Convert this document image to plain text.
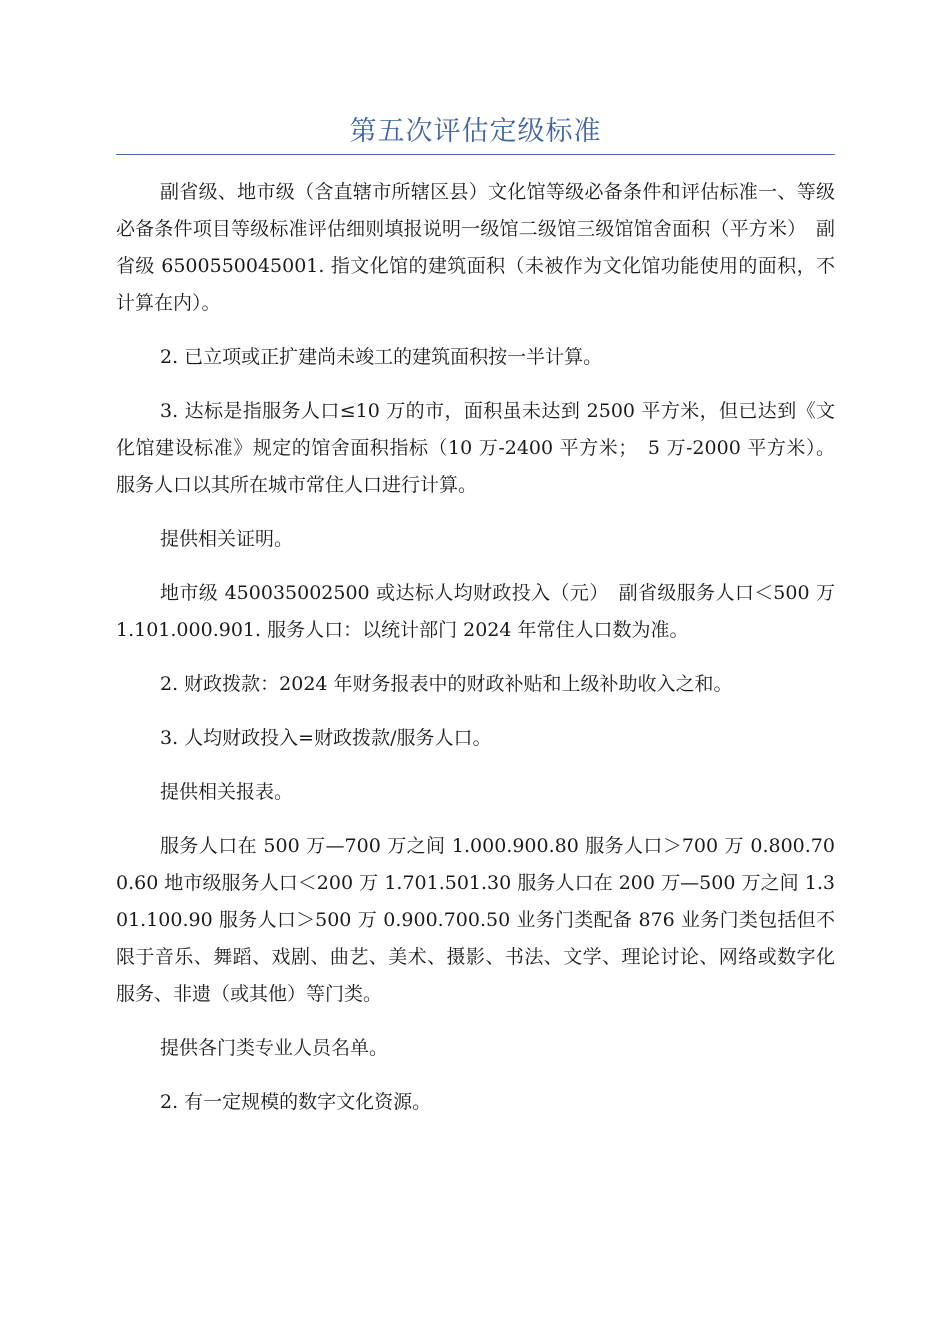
第五次评估定级标准

副省级、地市级（含直辖市所辖区县）文化馆等级必备条件和评估标准一、等级必备条件项目等级标准评估细则填报说明一级馆二级馆三级馆馆舍面积（平方米）　副省级 6500550045001. 指文化馆的建筑面积（未被作为文化馆功能使用的面积，不计算在内）。

2. 已立项或正扩建尚未竣工的建筑面积按一半计算。

3. 达标是指服务人口≤10 万的市，面积虽未达到 2500 平方米，但已达到《文化馆建设标准》规定的馆舍面积指标（10 万-2400 平方米；　5 万-2000 平方米）。服务人口以其所在城市常住人口进行计算。

提供相关证明。

地市级 450035002500 或达标人均财政投入（元）　副省级服务人口＜500 万 1.101.000.901. 服务人口：以统计部门 2024 年常住人口数为准。

2. 财政拨款：2024 年财务报表中的财政补贴和上级补助收入之和。

3. 人均财政投入=财政拨款/服务人口。

提供相关报表。

服务人口在 500 万—700 万之间 1.000.900.80 服务人口＞700 万 0.800.700.60 地市级服务人口＜200 万 1.701.501.30 服务人口在 200 万—500 万之间 1.301.100.90 服务人口＞500 万 0.900.700.50 业务门类配备 876 业务门类包括但不限于音乐、舞蹈、戏剧、曲艺、美术、摄影、书法、文学、理论讨论、网络或数字化服务、非遗（或其他）等门类。

提供各门类专业人员名单。

2. 有一定规模的数字文化资源。
